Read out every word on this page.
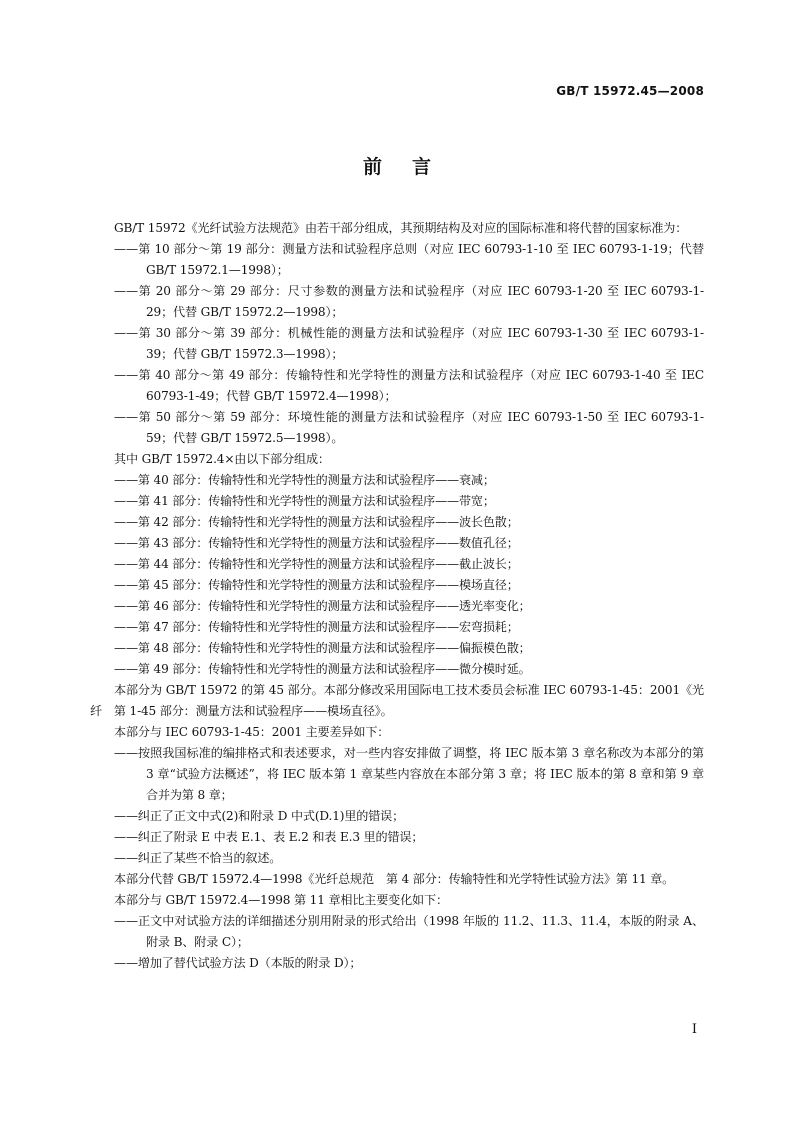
GB/T 15972.45—2008
前言

GB/T 15972《光纤试验方法规范》由若干部分组成，其预期结构及对应的国际标准和将代替的国家标准为：

——第 10 部分～第 19 部分：测量方法和试验程序总则（对应 IEC 60793-1-10 至 IEC 60793-1-19；代替 GB/T 15972.1—1998）；

——第 20 部分～第 29 部分：尺寸参数的测量方法和试验程序（对应 IEC 60793-1-20 至 IEC 60793-1-29；代替 GB/T 15972.2—1998）；

——第 30 部分～第 39 部分：机械性能的测量方法和试验程序（对应 IEC 60793-1-30 至 IEC 60793-1-39；代替 GB/T 15972.3—1998）；

——第 40 部分～第 49 部分：传输特性和光学特性的测量方法和试验程序（对应 IEC 60793-1-40 至 IEC 60793-1-49；代替 GB/T 15972.4—1998）；

——第 50 部分～第 59 部分：环境性能的测量方法和试验程序（对应 IEC 60793-1-50 至 IEC 60793-1-59；代替 GB/T 15972.5—1998）。

其中 GB/T 15972.4×由以下部分组成：

——第 40 部分：传输特性和光学特性的测量方法和试验程序——衰减；

——第 41 部分：传输特性和光学特性的测量方法和试验程序——带宽；

——第 42 部分：传输特性和光学特性的测量方法和试验程序——波长色散；

——第 43 部分：传输特性和光学特性的测量方法和试验程序——数值孔径；

——第 44 部分：传输特性和光学特性的测量方法和试验程序——截止波长；

——第 45 部分：传输特性和光学特性的测量方法和试验程序——模场直径；

——第 46 部分：传输特性和光学特性的测量方法和试验程序——透光率变化；

——第 47 部分：传输特性和光学特性的测量方法和试验程序——宏弯损耗；

——第 48 部分：传输特性和光学特性的测量方法和试验程序——偏振模色散；

——第 49 部分：传输特性和光学特性的测量方法和试验程序——微分模时延。

本部分为 GB/T 15972 的第 45 部分。本部分修改采用国际电工技术委员会标准 IEC 60793-1-45：2001《光纤　第 1-45 部分：测量方法和试验程序——模场直径》。

本部分与 IEC 60793-1-45：2001 主要差异如下：

——按照我国标准的编排格式和表述要求，对一些内容安排做了调整，将 IEC 版本第 3 章名称改为本部分的第 3 章“试验方法概述”，将 IEC 版本第 1 章某些内容放在本部分第 3 章；将 IEC 版本的第 8 章和第 9 章合并为第 8 章；

——纠正了正文中式(2)和附录 D 中式(D.1)里的错误；

——纠正了附录 E 中表 E.1、表 E.2 和表 E.3 里的错误；

——纠正了某些不恰当的叙述。

本部分代替 GB/T 15972.4—1998《光纤总规范　第 4 部分：传输特性和光学特性试验方法》第 11 章。

本部分与 GB/T 15972.4—1998 第 11 章相比主要变化如下：

——正文中对试验方法的详细描述分别用附录的形式给出（1998 年版的 11.2、11.3、11.4，本版的附录 A、附录 B、附录 C）；

——增加了替代试验方法 D（本版的附录 D）；

I
